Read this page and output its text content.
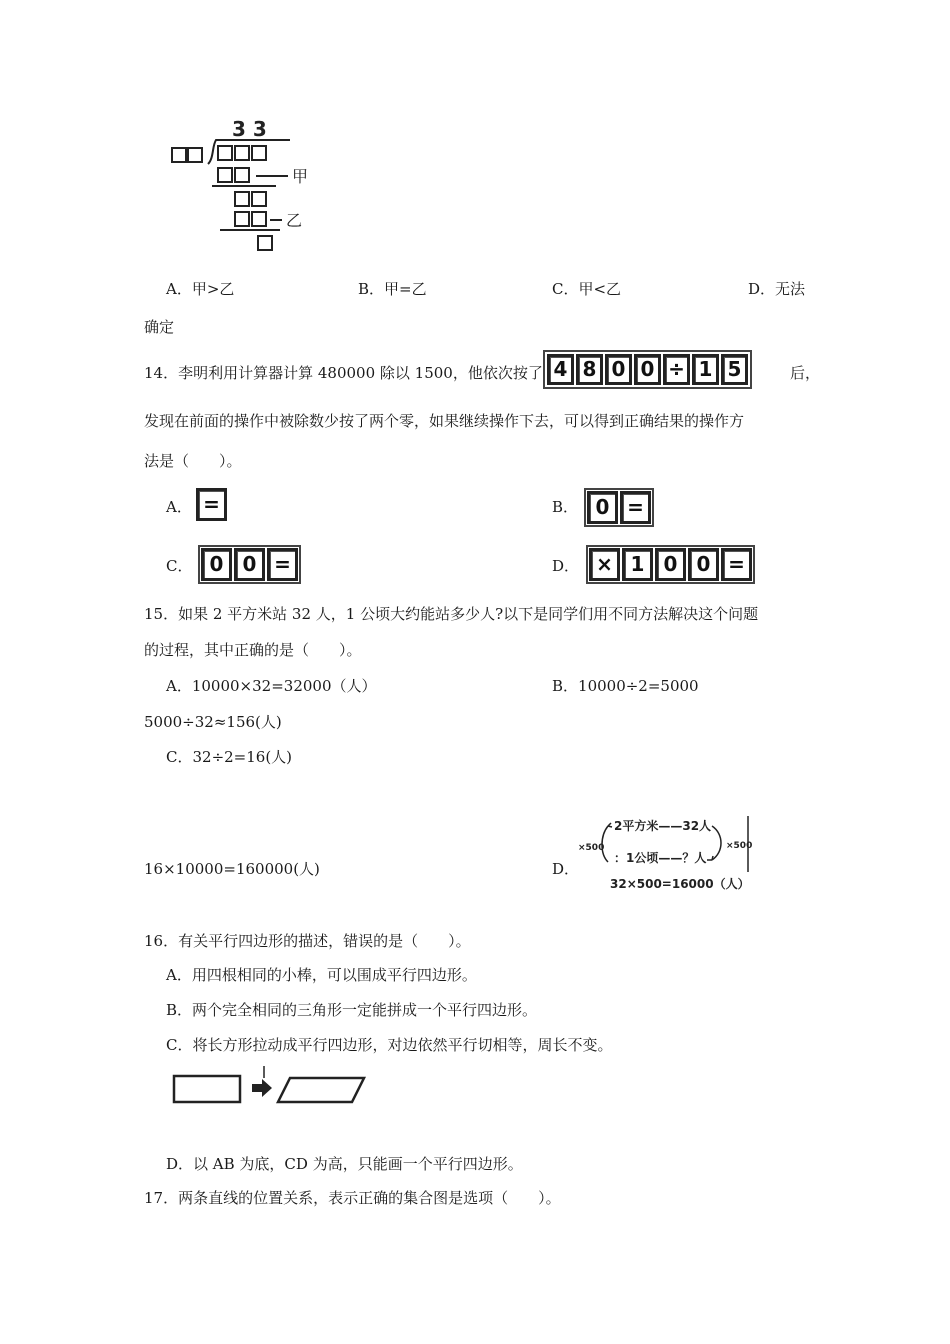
3 3
甲
乙
A．甲>乙	B．甲=乙	C．甲<乙	D．无法
确定
14．李明利用计算器计算 480000 除以 1500，他依次按了 4 8 0 0 ÷ 1 5	后，
发现在前面的操作中被除数少按了两个零，如果继续操作下去，可以得到正确结果的操作方
法是（　　）。
A． =	B． 0 =
C． 0 0 =	D． × 1 0 0 =
15．如果 2 平方米站 32 人，1 公顷大约能站多少人?以下是同学们用不同方法解决这个问题
的过程，其中正确的是（　　）。
A．10000×32=32000（人）	B．10000÷2=5000
5000÷32≈156(人)
C．32÷2=16(人)
16×10000=160000(人)	D．
2平方米——32人
：1公顷——？人
32×500=16000（人）
×500	×500
16．有关平行四边形的描述，错误的是（　　）。
A．用四根相同的小棒，可以围成平行四边形。
B．两个完全相同的三角形一定能拼成一个平行四边形。
C．将长方形拉动成平行四边形，对边依然平行切相等，周长不变。
D．以 AB 为底，CD 为高，只能画一个平行四边形。
17．两条直线的位置关系，表示正确的集合图是选项（　　）。
